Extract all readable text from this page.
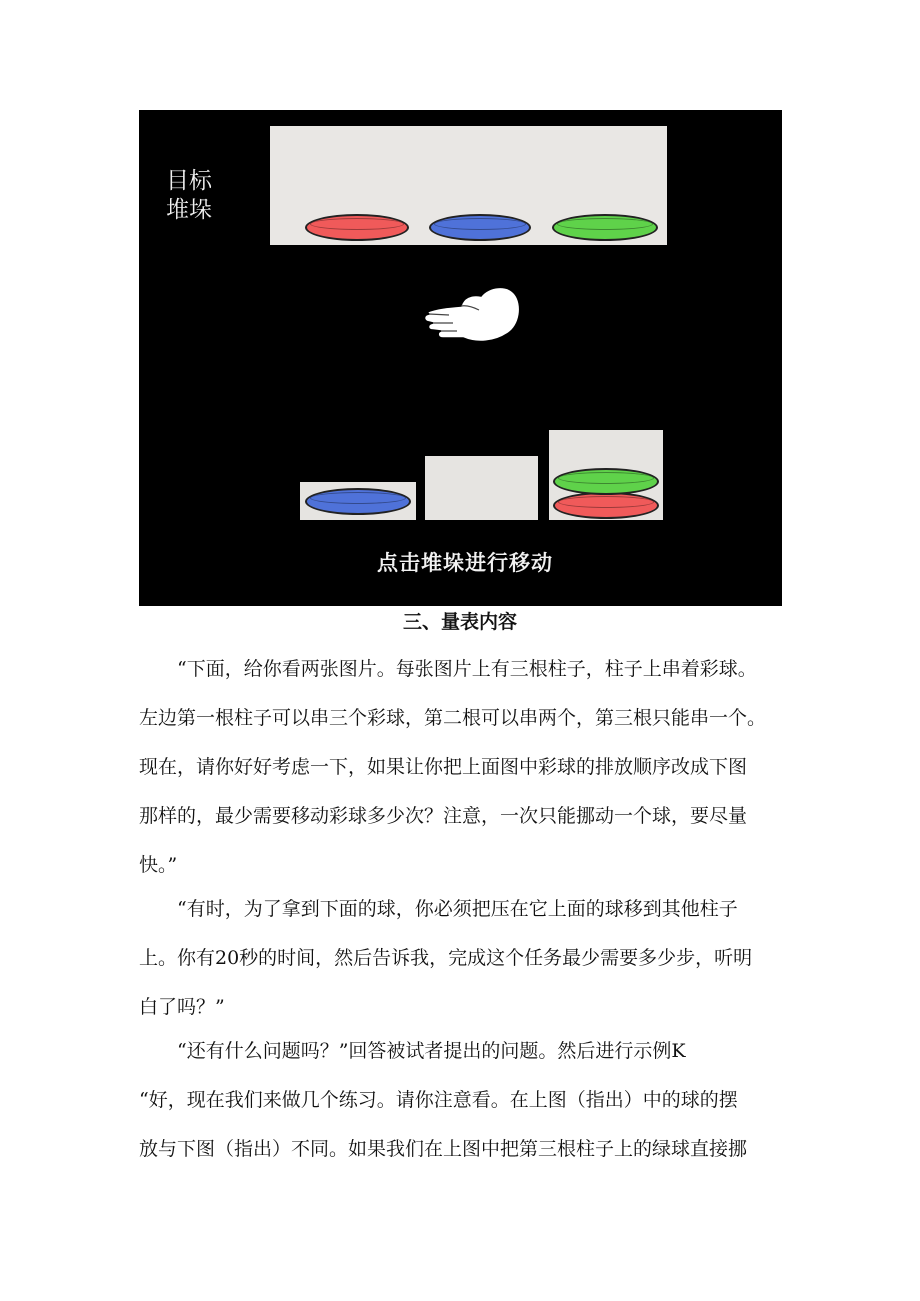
目标
堆垛
点击堆垛进行移动
三、量表内容
　　“下面，给你看两张图片。每张图片上有三根柱子，柱子上串着彩球。
左边第一根柱子可以串三个彩球，第二根可以串两个，第三根只能串一个。
现在，请你好好考虑一下，如果让你把上面图中彩球的排放顺序改成下图
那样的，最少需要移动彩球多少次？注意，一次只能挪动一个球，要尽量
快。”
　　“有时，为了拿到下面的球，你必须把压在它上面的球移到其他柱子
上。你有20秒的时间，然后告诉我，完成这个任务最少需要多少步，听明
白了吗？”
　　“还有什么问题吗？”回答被试者提出的问题。然后进行示例K
“好，现在我们来做几个练习。请你注意看。在上图（指出）中的球的摆
放与下图（指出）不同。如果我们在上图中把第三根柱子上的绿球直接挪
